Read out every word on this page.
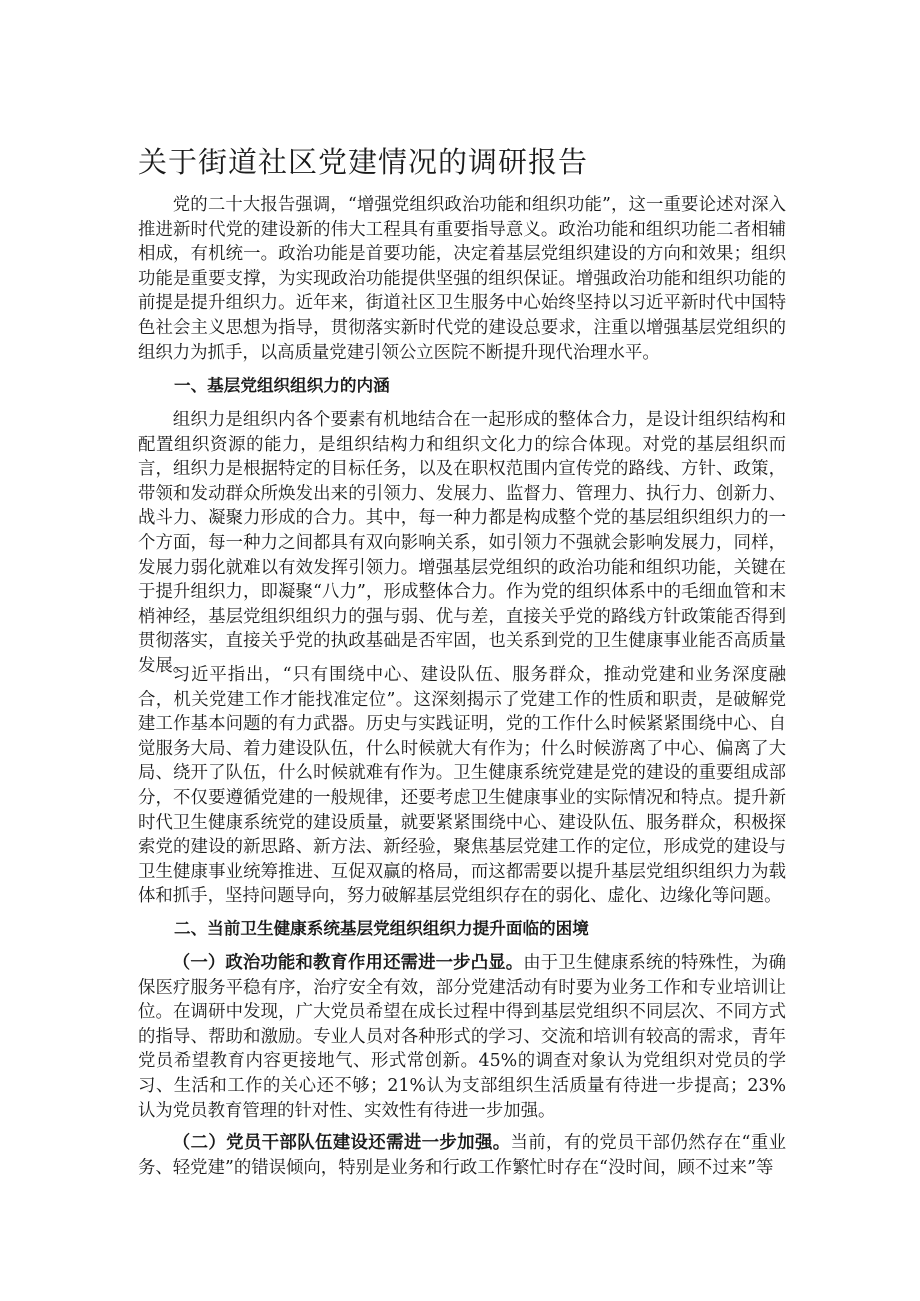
关于街道社区党建情况的调研报告

党的二十大报告强调，“增强党组织政治功能和组织功能”，这一重要论述对深入推进新时代党的建设新的伟大工程具有重要指导意义。政治功能和组织功能二者相辅相成，有机统一。政治功能是首要功能，决定着基层党组织建设的方向和效果；组织功能是重要支撑，为实现政治功能提供坚强的组织保证。增强政治功能和组织功能的前提是提升组织力。近年来，街道社区卫生服务中心始终坚持以习近平新时代中国特色社会主义思想为指导，贯彻落实新时代党的建设总要求，注重以增强基层党组织的组织力为抓手，以高质量党建引领公立医院不断提升现代治理水平。

一、基层党组织组织力的内涵

组织力是组织内各个要素有机地结合在一起形成的整体合力，是设计组织结构和配置组织资源的能力，是组织结构力和组织文化力的综合体现。对党的基层组织而言，组织力是根据特定的目标任务，以及在职权范围内宣传党的路线、方针、政策，带领和发动群众所焕发出来的引领力、发展力、监督力、管理力、执行力、创新力、战斗力、凝聚力形成的合力。其中，每一种力都是构成整个党的基层组织组织力的一个方面，每一种力之间都具有双向影响关系，如引领力不强就会影响发展力，同样，发展力弱化就难以有效发挥引领力。增强基层党组织的政治功能和组织功能，关键在于提升组织力，即凝聚“八力”，形成整体合力。作为党的组织体系中的毛细血管和末梢神经，基层党组织组织力的强与弱、优与差，直接关乎党的路线方针政策能否得到贯彻落实，直接关乎党的执政基础是否牢固，也关系到党的卫生健康事业能否高质量发展。

习近平指出，“只有围绕中心、建设队伍、服务群众，推动党建和业务深度融合，机关党建工作才能找准定位”。这深刻揭示了党建工作的性质和职责，是破解党建工作基本问题的有力武器。历史与实践证明，党的工作什么时候紧紧围绕中心、自觉服务大局、着力建设队伍，什么时候就大有作为；什么时候游离了中心、偏离了大局、绕开了队伍，什么时候就难有作为。卫生健康系统党建是党的建设的重要组成部分，不仅要遵循党建的一般规律，还要考虑卫生健康事业的实际情况和特点。提升新时代卫生健康系统党的建设质量，就要紧紧围绕中心、建设队伍、服务群众，积极探索党的建设的新思路、新方法、新经验，聚焦基层党建工作的定位，形成党的建设与卫生健康事业统筹推进、互促双赢的格局，而这都需要以提升基层党组织组织力为载体和抓手，坚持问题导向，努力破解基层党组织存在的弱化、虚化、边缘化等问题。

二、当前卫生健康系统基层党组织组织力提升面临的困境

（一）政治功能和教育作用还需进一步凸显。由于卫生健康系统的特殊性，为确保医疗服务平稳有序，治疗安全有效，部分党建活动有时要为业务工作和专业培训让位。在调研中发现，广大党员希望在成长过程中得到基层党组织不同层次、不同方式的指导、帮助和激励。专业人员对各种形式的学习、交流和培训有较高的需求，青年党员希望教育内容更接地气、形式常创新。45%的调查对象认为党组织对党员的学习、生活和工作的关心还不够；21%认为支部组织生活质量有待进一步提高；23%认为党员教育管理的针对性、实效性有待进一步加强。

（二）党员干部队伍建设还需进一步加强。当前，有的党员干部仍然存在“重业务、轻党建”的错误倾向，特别是业务和行政工作繁忙时存在“没时间，顾不过来”等
